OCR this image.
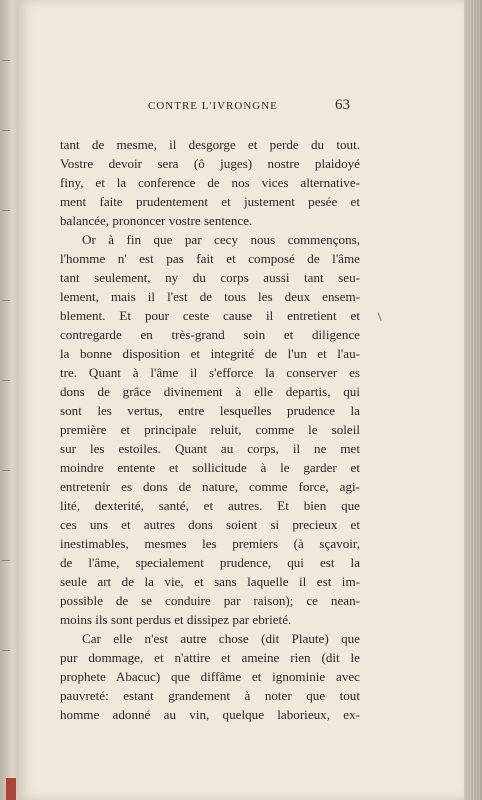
CONTRE L'IVRONGNE	63
tant de mesme, il desgorge et perde du tout.
Vostre devoir sera (ô juges) nostre plaidoyé
finy, et la conference de nos vices alternative-
ment faite prudentement et justement pesée et
balancée, prononcer vostre sentence.
Or à fin que par cecy nous commençons,
l'homme n' est pas fait et composé de l'âme
tant seulement, ny du corps aussi tant seu-
lement, mais il l'est de tous les deux ensem-
blement. Et pour ceste cause il entretient et
contregarde en très-grand soin et diligence
la bonne disposition et integrité de l'un et l'au-
tre. Quant à l'âme il s'efforce la conserver es
dons de grâce divinement à elle departis, qui
sont les vertus, entre lesquelles prudence la
première et principale reluit, comme le soleil
sur les estoiles. Quant au corps, il ne met
moindre entente et sollicitude à le garder et
entretenir es dons de nature, comme force, agi-
lité, dexterité, santé, et autres. Et bien que
ces uns et autres dons soient si precieux et
inestimables, mesmes les premiers (à sçavoir,
de l'âme, specialement prudence, qui est la
seule art de la vie, et sans laquelle il est im-
possible de se conduire par raison); ce nean-
moins ils sont perdus et dissipez par ebrieté.
Car elle n'est autre chose (dit Plaute) que
pur dommage, et n'attire et ameine rien (dit le
prophete Abacuc) que diffâme et ignominie avec
pauvreté: estant grandement à noter que tout
homme adonné au vin, quelque laborieux, ex-
